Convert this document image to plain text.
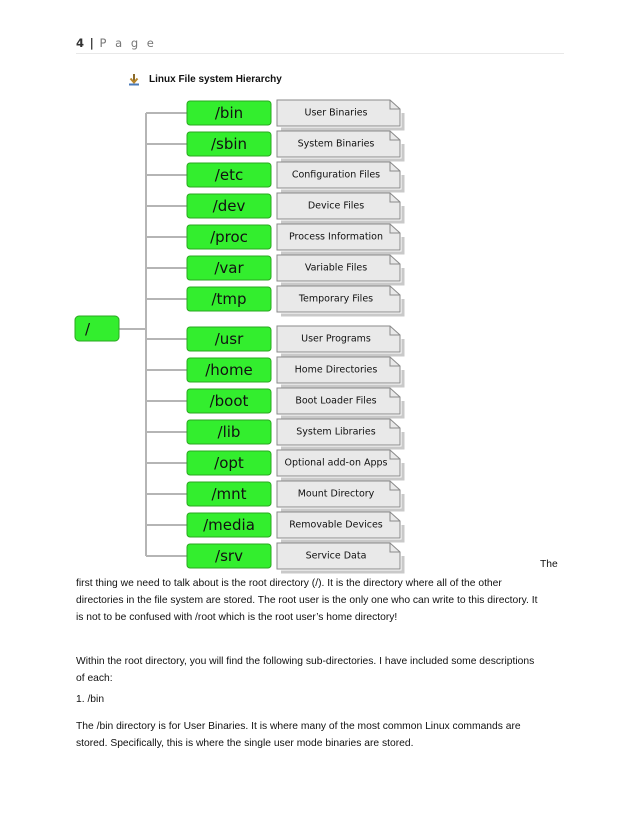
4 | P a g e
Linux File system Hierarchy
/
/bin	User Binaries
/sbin	System Binaries
/etc	Configuration Files
/dev	Device Files
/proc	Process Information
/var	Variable Files
/tmp	Temporary Files
/usr	User Programs
/home	Home Directories
/boot	Boot Loader Files
/lib	System Libraries
/opt	Optional add-on Apps
/mnt	Mount Directory
/media	Removable Devices
/srv	Service Data
The

first thing we need to talk about is the root directory (/). It is the directory where all of the other
directories in the file system are stored. The root user is the only one who can write to this directory. It
is not to be confused with /root which is the root user’s home directory!

Within the root directory, you will find the following sub-directories. I have included some descriptions
of each:

1. /bin

The /bin directory is for User Binaries. It is where many of the most common Linux commands are
stored. Specifically, this is where the single user mode binaries are stored.
